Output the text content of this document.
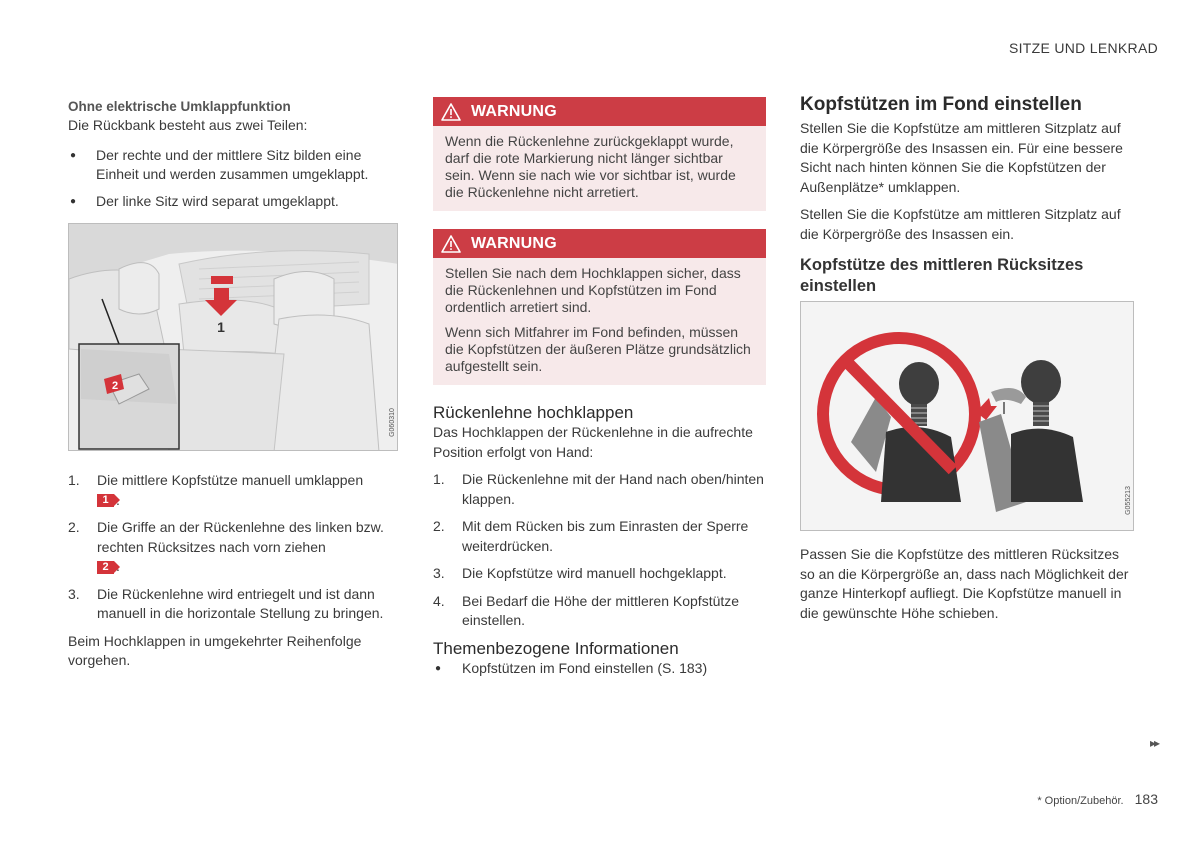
SITZE UND LENKRAD
Ohne elektrische Umklappfunktion

Die Rückbank besteht aus zwei Teilen:

● Der rechte und der mittlere Sitz bilden eine Einheit und werden zusammen umgeklappt.
● Der linke Sitz wird separat umgeklappt.
1
2
G060310
1. Die mittlere Kopfstütze manuell umklappen
1
2. Die Griffe an der Rückenlehne des linken bzw. rechten Rücksitzes nach vorn ziehen
2
3. Die Rückenlehne wird entriegelt und ist dann manuell in die horizontale Stellung zu bringen.

Beim Hochklappen in umgekehrter Reihenfolge vorgehen.

WARNUNG

Wenn die Rückenlehne zurückgeklappt wurde, darf die rote Markierung nicht länger sichtbar sein. Wenn sie nach wie vor sichtbar ist, wurde die Rückenlehne nicht arretiert.

WARNUNG

Stellen Sie nach dem Hochklappen sicher, dass die Rückenlehnen und Kopfstützen im Fond ordentlich arretiert sind.

Wenn sich Mitfahrer im Fond befinden, müssen die Kopfstützen der äußeren Plätze grundsätzlich aufgestellt sein.

Rückenlehne hochklappen

Das Hochklappen der Rückenlehne in die aufrechte Position erfolgt von Hand:

1. Die Rückenlehne mit der Hand nach oben/hinten klappen.
2. Mit dem Rücken bis zum Einrasten der Sperre weiterdrücken.
3. Die Kopfstütze wird manuell hochgeklappt.
4. Bei Bedarf die Höhe der mittleren Kopfstütze einstellen.
Themenbezogene Informationen
● Kopfstützen im Fond einstellen (S. 183)
Kopfstützen im Fond einstellen

Stellen Sie die Kopfstütze am mittleren Sitzplatz auf die Körpergröße des Insassen ein. Für eine bessere Sicht nach hinten können Sie die Kopfstützen der Außenplätze* umklappen.

Stellen Sie die Kopfstütze am mittleren Sitzplatz auf die Körpergröße des Insassen ein.

Kopfstütze des mittleren Rücksitzes einstellen
G055213

Passen Sie die Kopfstütze des mittleren Rücksitzes so an die Körpergröße an, dass nach Möglichkeit der ganze Hinterkopf aufliegt. Die Kopfstütze manuell in die gewünschte Höhe schieben.

▸▸
* Option/Zubehör. 183
